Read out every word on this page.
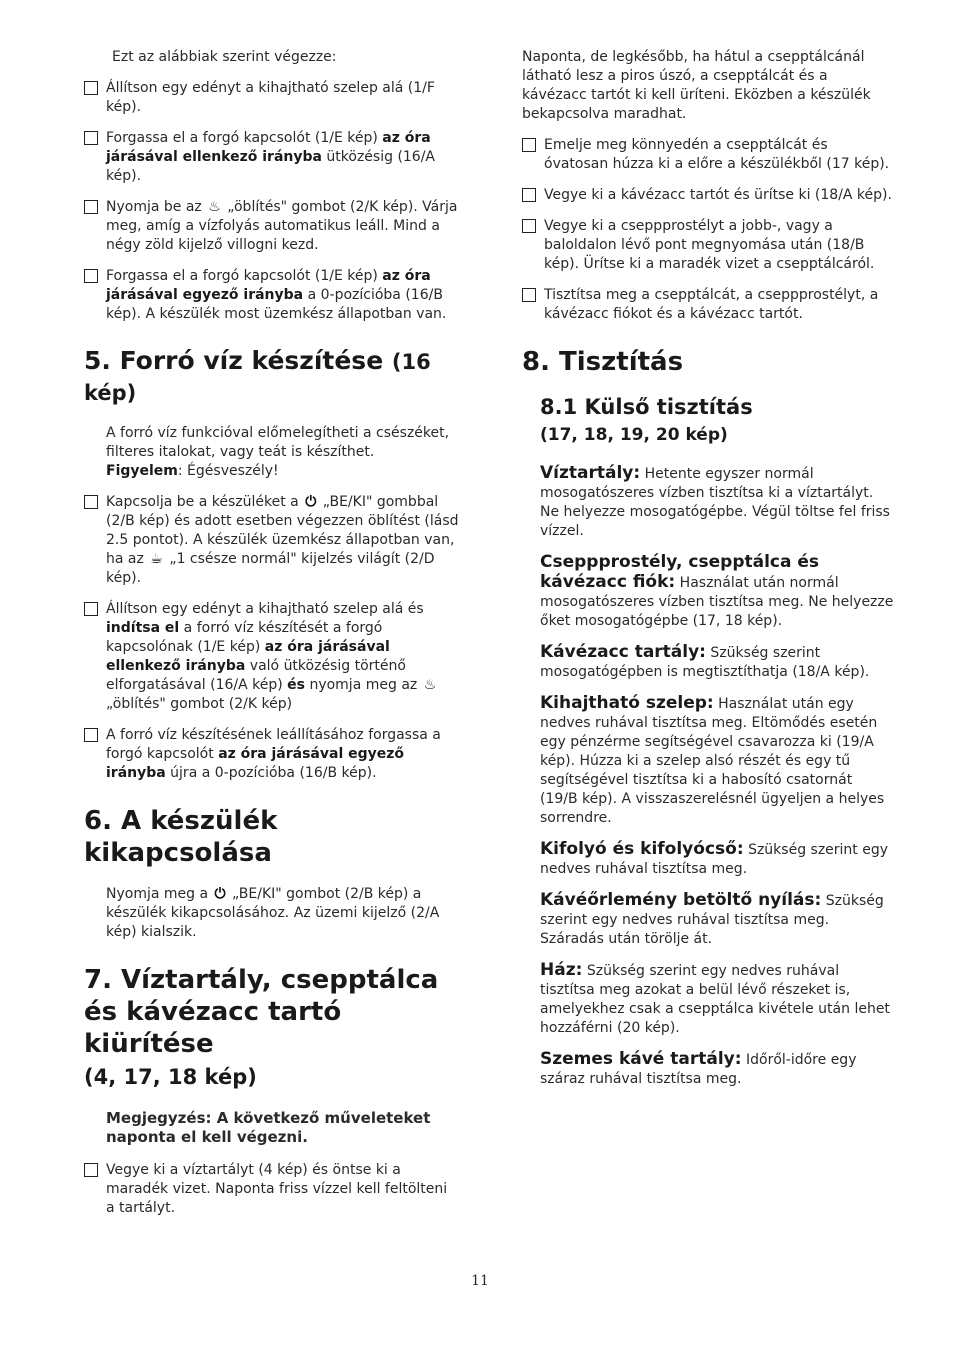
Ezt az alábbiak szerint végezze:

Állítson egy edényt a kihajtható szelep alá (1/F kép).
Forgassa el a forgó kapcsolót (1/E kép) az óra járásával ellenkező irányba ütközésig (16/A kép).
Nyomja be az ♨ „öblítés" gombot (2/K kép). Várja meg, amíg a vízfolyás automatikus leáll. Mind a négy zöld kijelző villogni kezd.
Forgassa el a forgó kapcsolót (1/E kép) az óra járásával egyező irányba a 0-pozícióba (16/B kép). A készülék most üzemkész állapotban van.
5. Forró víz készítése (16 kép)

A forró víz funkcióval előmelegítheti a csészéket, filteres italokat, vagy teát is készíthet.
Figyelem: Égésveszély!

Kapcsolja be a készüléket a ⏻ „BE/KI" gombbal (2/B kép) és adott esetben végezzen öblítést (lásd 2.5 pontot). A készülék üzemkész állapotban van, ha az ☕ „1 csésze normál" kijelzés világít (2/D kép).
Állítson egy edényt a kihajtható szelep alá és indítsa el a forró víz készítését a forgó kapcsolónak (1/E kép) az óra járásával ellenkező irányba való ütközésig történő elforgatásával (16/A kép) és nyomja meg az ♨
„öblítés" gombot (2/K kép)
A forró víz készítésének leállításához forgassa a forgó kapcsolót az óra járásával egyező irányba újra a 0-pozícióba (16/B kép).
6. A készülék kikapcsolása

Nyomja meg a ⏻ „BE/KI" gombot (2/B kép) a készülék kikapcsolásához. Az üzemi kijelző (2/A kép) kialszik.

7. Víztartály, csepptálca és kávézacc tartó kiürítése
(4, 17, 18 kép)

Megjegyzés: A következő műveleteket naponta el kell végezni.

Vegye ki a víztartályt (4 kép) és öntse ki a maradék vizet. Naponta friss vízzel kell feltölteni a tartályt.

Naponta, de legkésőbb, ha hátul a csepptálcánál látható lesz a piros úszó, a csepptálcát és a kávézacc tartót ki kell üríteni. Eközben a készülék bekapcsolva maradhat.

Emelje meg könnyedén a csepptálcát és óvatosan húzza ki a előre a készülékből (17 kép).
Vegye ki a kávézacc tartót és ürítse ki (18/A kép).
Vegye ki a cseppprostélyt a jobb-, vagy a baloldalon lévő pont megnyomása után (18/B kép). Ürítse ki a maradék vizet a csepptálcáról.
Tisztítsa meg a csepptálcát, a cseppprostélyt, a kávézacc fiókot és a kávézacc tartót.
8. Tisztítás
8.1 Külső tisztítás
(17, 18, 19, 20 kép)

Víztartály: Hetente egyszer normál mosogatószeres vízben tisztítsa ki a víztartályt. Ne helyezze mosogatógépbe. Végül töltse fel friss vízzel.

Cseppprostély, csepptálca és kávézacc fiók: Használat után normál mosogatószeres vízben tisztítsa meg. Ne helyezze őket mosogatógépbe (17, 18 kép).

Kávézacc tartály: Szükség szerint mosogatógépben is megtisztíthatja (18/A kép).

Kihajtható szelep: Használat után egy nedves ruhával tisztítsa meg. Eltömődés esetén egy pénzérme segítségével csavarozza ki (19/A kép). Húzza ki a szelep alsó részét és egy tű segítségével tisztítsa ki a habosító csatornát (19/B kép). A visszaszerelésnél ügyeljen a helyes sorrendre.

Kifolyó és kifolyócső: Szükség szerint egy nedves ruhával tisztítsa meg.

Kávéőrlemény betöltő nyílás: Szükség szerint egy nedves ruhával tisztítsa meg. Száradás után törölje át.

Ház: Szükség szerint egy nedves ruhával tisztítsa meg azokat a belül lévő részeket is, amelyekhez csak a csepptálca kivétele után lehet hozzáférni (20 kép).

Szemes kávé tartály: Időről-időre egy száraz ruhával tisztítsa meg.

11
